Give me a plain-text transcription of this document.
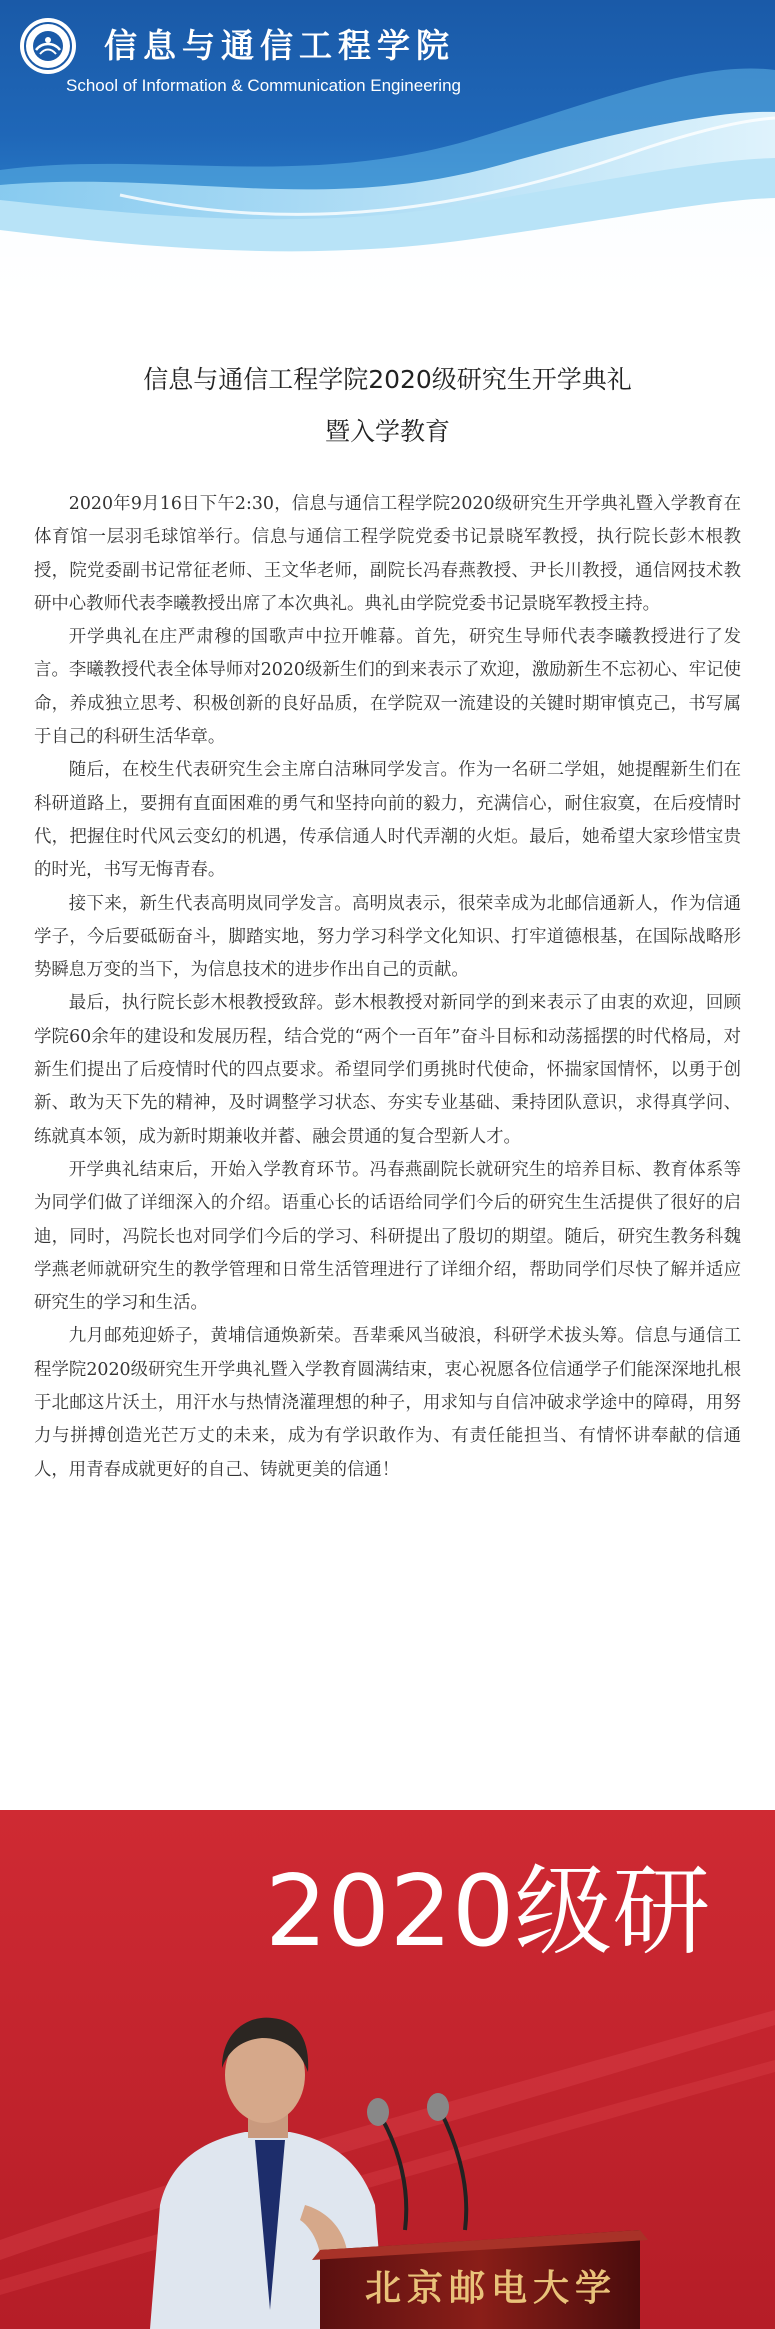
信息与通信工程学院
School of Information & Communication Engineering
信息与通信工程学院2020级研究生开学典礼
暨入学教育

2020年9月16日下午2:30，信息与通信工程学院2020级研究生开学典礼暨入学教育在体育馆一层羽毛球馆举行。信息与通信工程学院党委书记景晓军教授，执行院长彭木根教授，院党委副书记常征老师、王文华老师，副院长冯春燕教授、尹长川教授，通信网技术教研中心教师代表李曦教授出席了本次典礼。典礼由学院党委书记景晓军教授主持。

开学典礼在庄严肃穆的国歌声中拉开帷幕。首先，研究生导师代表李曦教授进行了发言。李曦教授代表全体导师对2020级新生们的到来表示了欢迎，激励新生不忘初心、牢记使命，养成独立思考、积极创新的良好品质，在学院双一流建设的关键时期审慎克己，书写属于自己的科研生活华章。

随后，在校生代表研究生会主席白洁琳同学发言。作为一名研二学姐，她提醒新生们在科研道路上，要拥有直面困难的勇气和坚持向前的毅力，充满信心，耐住寂寞，在后疫情时代，把握住时代风云变幻的机遇，传承信通人时代弄潮的火炬。最后，她希望大家珍惜宝贵的时光，书写无悔青春。

接下来，新生代表高明岚同学发言。高明岚表示，很荣幸成为北邮信通新人，作为信通学子，今后要砥砺奋斗，脚踏实地，努力学习科学文化知识、打牢道德根基，在国际战略形势瞬息万变的当下，为信息技术的进步作出自己的贡献。

最后，执行院长彭木根教授致辞。彭木根教授对新同学的到来表示了由衷的欢迎，回顾学院60余年的建设和发展历程，结合党的“两个一百年”奋斗目标和动荡摇摆的时代格局，对新生们提出了后疫情时代的四点要求。希望同学们勇挑时代使命，怀揣家国情怀，以勇于创新、敢为天下先的精神，及时调整学习状态、夯实专业基础、秉持团队意识，求得真学问、练就真本领，成为新时期兼收并蓄、融会贯通的复合型新人才。

开学典礼结束后，开始入学教育环节。冯春燕副院长就研究生的培养目标、教育体系等为同学们做了详细深入的介绍。语重心长的话语给同学们今后的研究生生活提供了很好的启迪，同时，冯院长也对同学们今后的学习、科研提出了殷切的期望。随后，研究生教务科魏学燕老师就研究生的教学管理和日常生活管理进行了详细介绍，帮助同学们尽快了解并适应研究生的学习和生活。

九月邮苑迎娇子，黄埔信通焕新荣。吾辈乘风当破浪，科研学术拔头筹。信息与通信工程学院2020级研究生开学典礼暨入学教育圆满结束，衷心祝愿各位信通学子们能深深地扎根于北邮这片沃土，用汗水与热情浇灌理想的种子，用求知与自信冲破求学途中的障碍，用努力与拼搏创造光芒万丈的未来，成为有学识敢作为、有责任能担当、有情怀讲奉献的信通人，用青春成就更好的自己、铸就更美的信通！

2020级研
北京邮电大学
